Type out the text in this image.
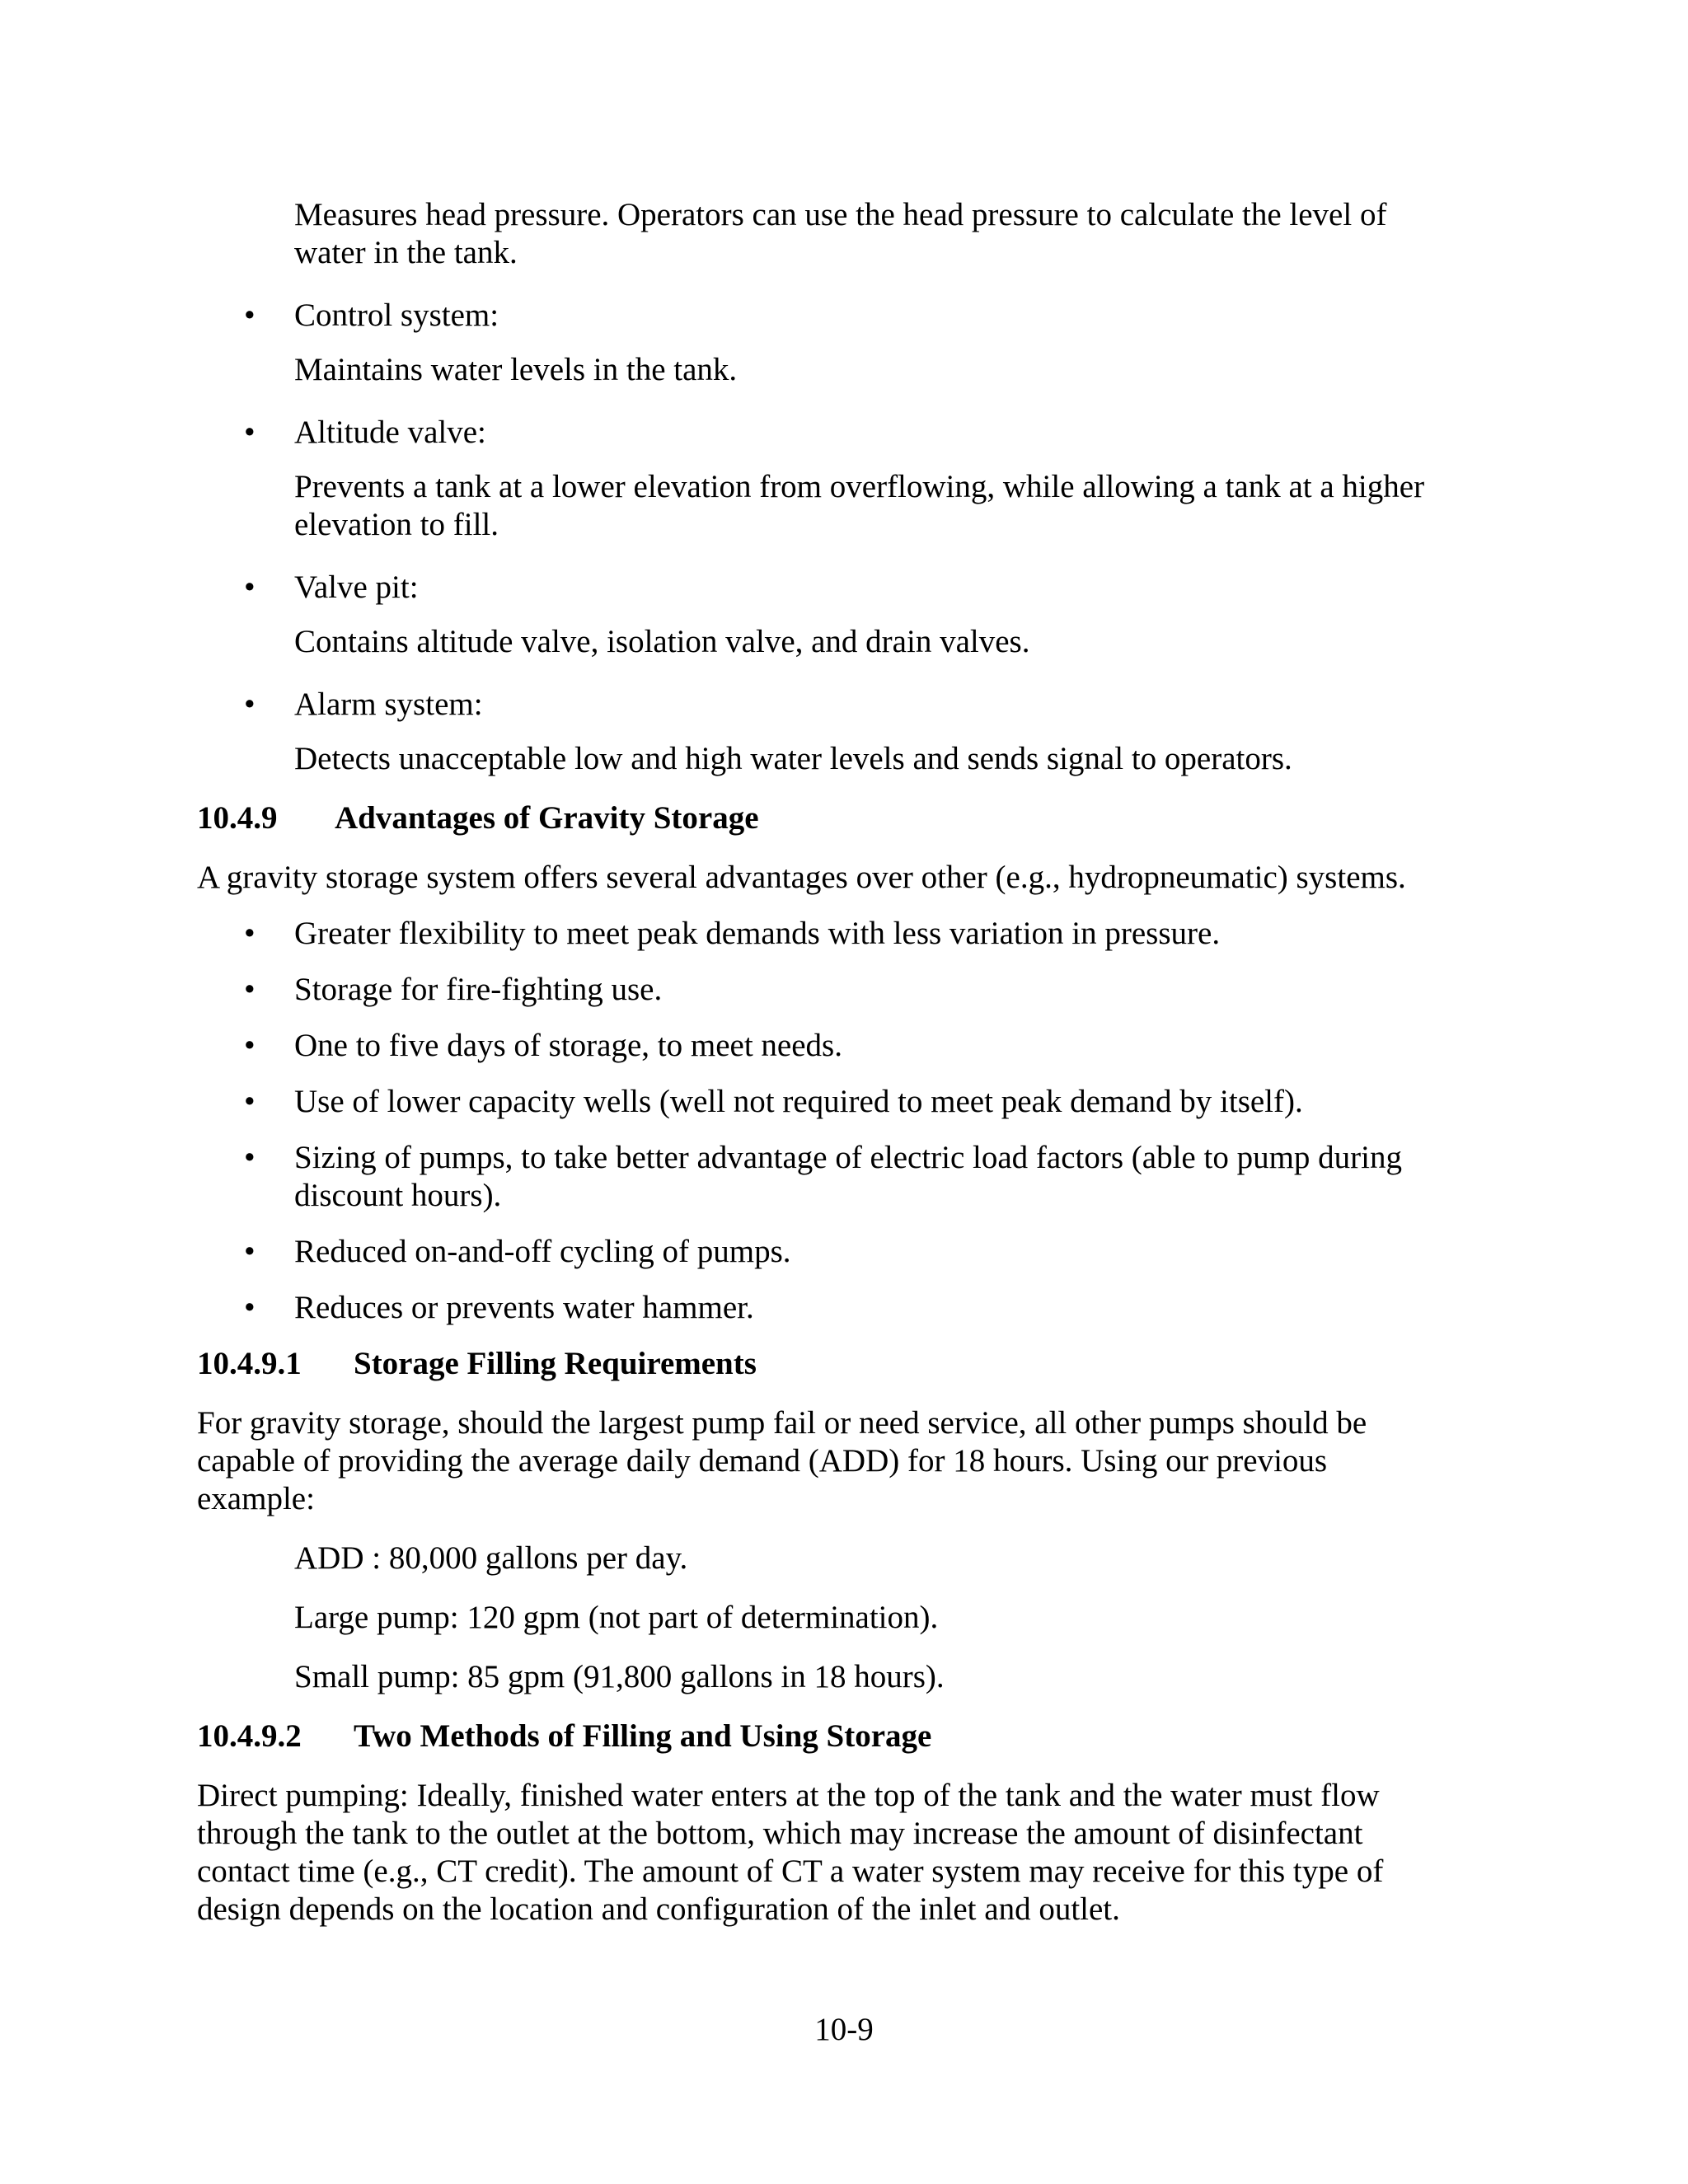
Measures head pressure. Operators can use the head pressure to calculate the level of
water in the tank.
• Control system:
Maintains water levels in the tank.
• Altitude valve:
Prevents a tank at a lower elevation from overflowing, while allowing a tank at a higher
elevation to fill.
• Valve pit:
Contains altitude valve, isolation valve, and drain valves.
• Alarm system:
Detects unacceptable low and high water levels and sends signal to operators.
10.4.9 Advantages of Gravity Storage
A gravity storage system offers several advantages over other (e.g., hydropneumatic) systems.
• Greater flexibility to meet peak demands with less variation in pressure.
• Storage for fire-fighting use.
• One to five days of storage, to meet needs.
• Use of lower capacity wells (well not required to meet peak demand by itself).
• Sizing of pumps, to take better advantage of electric load factors (able to pump during
discount hours).
• Reduced on-and-off cycling of pumps.
• Reduces or prevents water hammer.
10.4.9.1 Storage Filling Requirements
For gravity storage, should the largest pump fail or need service, all other pumps should be
capable of providing the average daily demand (ADD) for 18 hours. Using our previous
example:
ADD : 80,000 gallons per day.
Large pump: 120 gpm (not part of determination).
Small pump: 85 gpm (91,800 gallons in 18 hours).
10.4.9.2 Two Methods of Filling and Using Storage
Direct pumping: Ideally, finished water enters at the top of the tank and the water must flow
through the tank to the outlet at the bottom, which may increase the amount of disinfectant
contact time (e.g., CT credit). The amount of CT a water system may receive for this type of
design depends on the location and configuration of the inlet and outlet.
10-9
